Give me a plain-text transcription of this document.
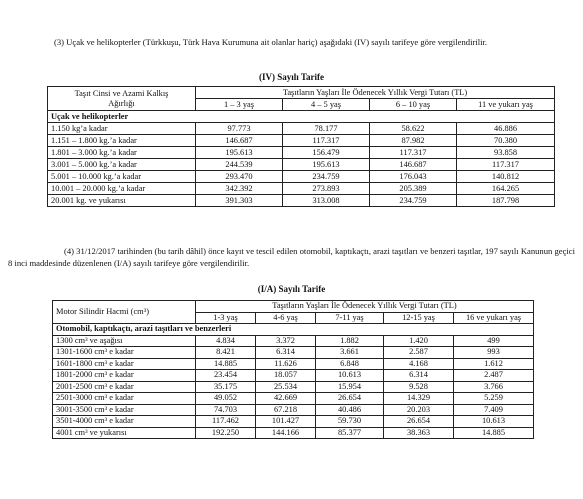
(3) Uçak ve helikopterler (Türkkuşu, Türk Hava Kurumuna ait olanlar hariç) aşağıdaki (IV) sayılı tarifeye göre vergilendirilir.

(IV) Sayılı Tarife

Taşıt Cinsi ve Azami Kalkış
Ağırlığı	Taşıtların Yaşları İle Ödenecek Yıllık Vergi Tutarı (TL)			
	1 – 3 yaş	4 – 5 yaş	6 – 10 yaş	11 ve yukarı yaş
Uçak ve helikopterler				
1.150 kg’a kadar	97.773	78.177	58.622	46.886
1.151 – 1.800 kg.’a kadar	146.687	117.317	87.982	70.380
1.801 – 3.000 kg.’a kadar	195.613	156.479	117.317	93.858
3.001 – 5.000 kg.’a kadar	244.539	195.613	146.687	117.317
5.001 – 10.000 kg.’a kadar	293.470	234.759	176.043	140.812
10.001 – 20.000 kg.’a kadar	342.392	273.893	205.389	164.265
20.001 kg. ve yukarısı	391.303	313.008	234.759	187.798

(4) 31/12/2017 tarihinden (bu tarih dâhil) önce kayıt ve tescil edilen otomobil, kaptıkaçtı, arazi taşıtları ve benzeri taşıtlar, 197 sayılı Kanunun geçici 8 inci maddesinde düzenlenen (I/A) sayılı tarifeye göre vergilendirilir.

(I/A) Sayılı Tarife

Motor Silindir Hacmi (cm³)	Taşıtların Yaşları İle Ödenecek Yıllık Vergi Tutarı (TL)				
	1-3 yaş	4-6 yaş	7-11 yaş	12-15 yaş	16 ve yukarı yaş
Otomobil, kaptıkaçtı, arazi taşıtları ve benzerleri					
1300 cm³ ve aşağısı	4.834	3.372	1.882	1.420	499
1301-1600 cm³ e kadar	8.421	6.314	3.661	2.587	993
1601-1800 cm³ e kadar	14.885	11.626	6.848	4.168	1.612
1801-2000 cm³ e kadar	23.454	18.057	10.613	6.314	2.487
2001-2500 cm³ e kadar	35.175	25.534	15.954	9.528	3.766
2501-3000 cm³ e kadar	49.052	42.669	26.654	14.329	5.259
3001-3500 cm³ e kadar	74.703	67.218	40.486	20.203	7.409
3501-4000 cm³ e kadar	117.462	101.427	59.730	26.654	10.613
4001 cm³ ve yukarısı	192.250	144.166	85.377	38.363	14.885
